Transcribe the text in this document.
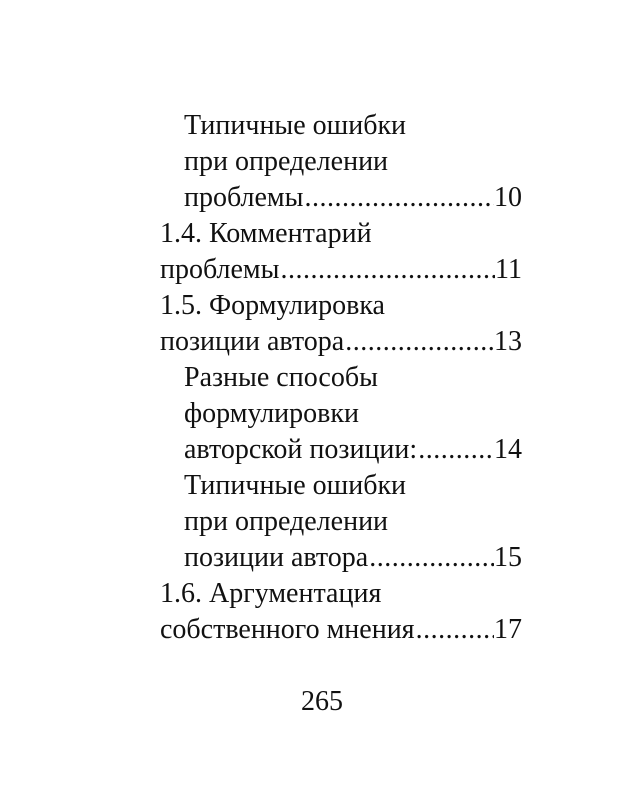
Типичные ошибки
при определении
проблемы .....	10
1.4. Комментарий
проблемы .....	11
1.5. Формулировка
позиции автора .....	13
Разные способы
формулировки
авторской позиции: .....	14
Типичные ошибки
при определении
позиции автора .....	15
1.6. Аргументация
собственного мнения .....	17
265
